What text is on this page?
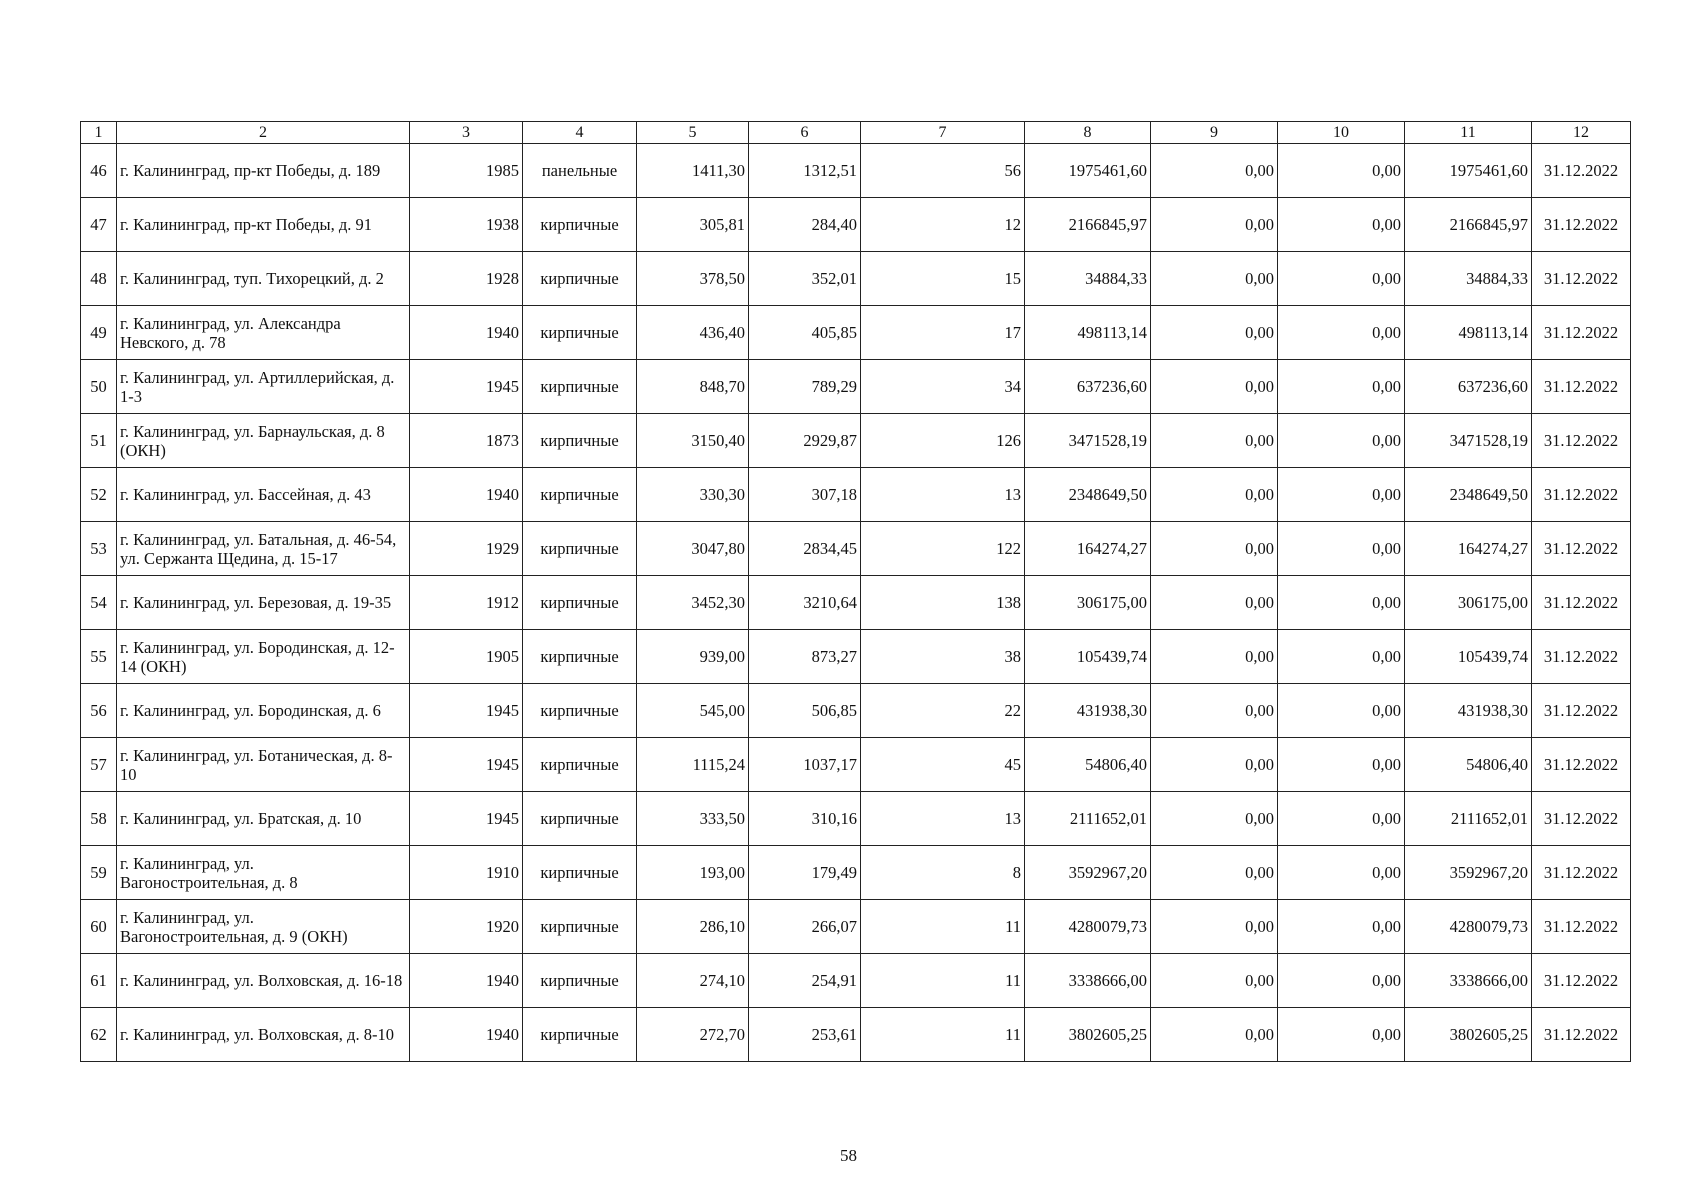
1	2	3	4	5	6	7	8	9	10	11	12
46	г. Калининград, пр-кт Победы, д. 189	1985	панельные	1411,30	1312,51	56	1975461,60	0,00	0,00	1975461,60	31.12.2022
47	г. Калининград, пр-кт Победы, д. 91	1938	кирпичные	305,81	284,40	12	2166845,97	0,00	0,00	2166845,97	31.12.2022
48	г. Калининград, туп. Тихорецкий, д. 2	1928	кирпичные	378,50	352,01	15	34884,33	0,00	0,00	34884,33	31.12.2022
49	г. Калининград, ул. Александра Невского, д. 78	1940	кирпичные	436,40	405,85	17	498113,14	0,00	0,00	498113,14	31.12.2022
50	г. Калининград, ул. Артиллерийская, д. 1-3	1945	кирпичные	848,70	789,29	34	637236,60	0,00	0,00	637236,60	31.12.2022
51	г. Калининград, ул. Барнаульская, д. 8 (ОКН)	1873	кирпичные	3150,40	2929,87	126	3471528,19	0,00	0,00	3471528,19	31.12.2022
52	г. Калининград, ул. Бассейная, д. 43	1940	кирпичные	330,30	307,18	13	2348649,50	0,00	0,00	2348649,50	31.12.2022
53	г. Калининград, ул. Батальная, д. 46-54, ул. Сержанта Щедина, д. 15-17	1929	кирпичные	3047,80	2834,45	122	164274,27	0,00	0,00	164274,27	31.12.2022
54	г. Калининград, ул. Березовая, д. 19-35	1912	кирпичные	3452,30	3210,64	138	306175,00	0,00	0,00	306175,00	31.12.2022
55	г. Калининград, ул. Бородинская, д. 12-14 (ОКН)	1905	кирпичные	939,00	873,27	38	105439,74	0,00	0,00	105439,74	31.12.2022
56	г. Калининград, ул. Бородинская, д. 6	1945	кирпичные	545,00	506,85	22	431938,30	0,00	0,00	431938,30	31.12.2022
57	г. Калининград, ул. Ботаническая, д. 8-10	1945	кирпичные	1115,24	1037,17	45	54806,40	0,00	0,00	54806,40	31.12.2022
58	г. Калининград, ул. Братская, д. 10	1945	кирпичные	333,50	310,16	13	2111652,01	0,00	0,00	2111652,01	31.12.2022
59	г. Калининград, ул. Вагоностроительная, д. 8	1910	кирпичные	193,00	179,49	8	3592967,20	0,00	0,00	3592967,20	31.12.2022
60	г. Калининград, ул. Вагоностроительная, д. 9 (ОКН)	1920	кирпичные	286,10	266,07	11	4280079,73	0,00	0,00	4280079,73	31.12.2022
61	г. Калининград, ул. Волховская, д. 16-18	1940	кирпичные	274,10	254,91	11	3338666,00	0,00	0,00	3338666,00	31.12.2022
62	г. Калининград, ул. Волховская, д. 8-10	1940	кирпичные	272,70	253,61	11	3802605,25	0,00	0,00	3802605,25	31.12.2022
58
